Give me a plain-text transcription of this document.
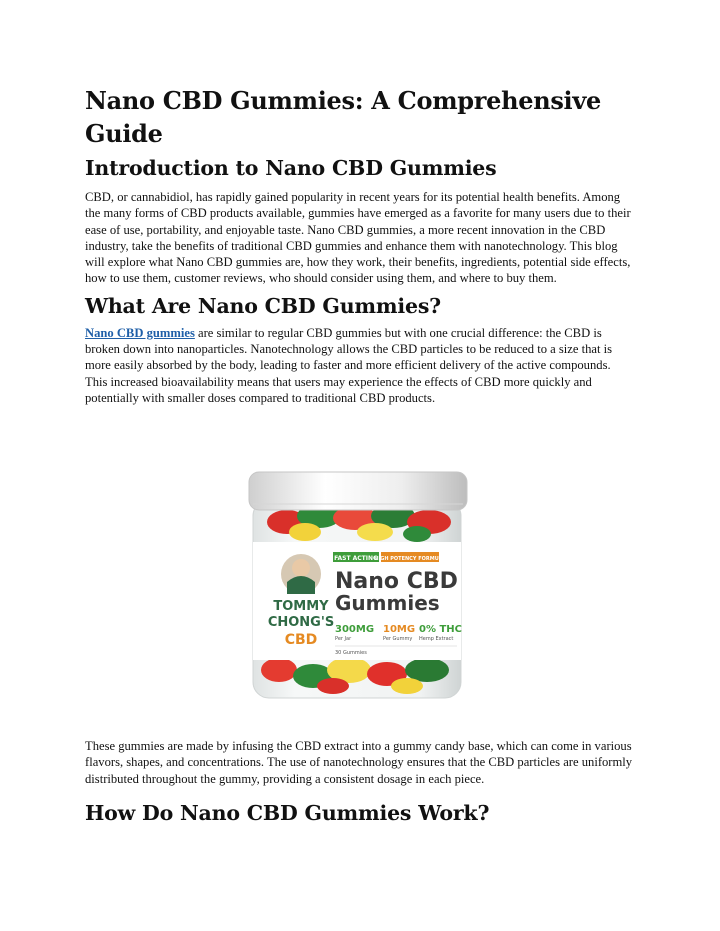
Nano CBD Gummies: A Comprehensive Guide
Introduction to Nano CBD Gummies

CBD, or cannabidiol, has rapidly gained popularity in recent years for its potential health benefits. Among the many forms of CBD products available, gummies have emerged as a favorite for many users due to their ease of use, portability, and enjoyable taste. Nano CBD gummies, a more recent innovation in the CBD industry, take the benefits of traditional CBD gummies and enhance them with nanotechnology. This blog will explore what Nano CBD gummies are, how they work, their benefits, ingredients, potential side effects, how to use them, customer reviews, who should consider using them, and where to buy them.

What Are Nano CBD Gummies?

Nano CBD gummies are similar to regular CBD gummies but with one crucial difference: the CBD is broken down into nanoparticles. Nanotechnology allows the CBD particles to be reduced to a size that is more easily absorbed by the body, leading to faster and more efficient delivery of the active compounds. This increased bioavailability means that users may experience the effects of CBD more quickly and potentially with smaller doses compared to traditional CBD products.

TOMMY
CHONG'S
CBD
FAST ACTING
HIGH POTENCY FORMULA
Nano CBD
Gummies
300MG 10MG 0% THC
Per Jar	Per Gummy Hemp Extract
30 Gummies

These gummies are made by infusing the CBD extract into a gummy candy base, which can come in various flavors, shapes, and concentrations. The use of nanotechnology ensures that the CBD particles are uniformly distributed throughout the gummy, providing a consistent dosage in each piece.

How Do Nano CBD Gummies Work?
